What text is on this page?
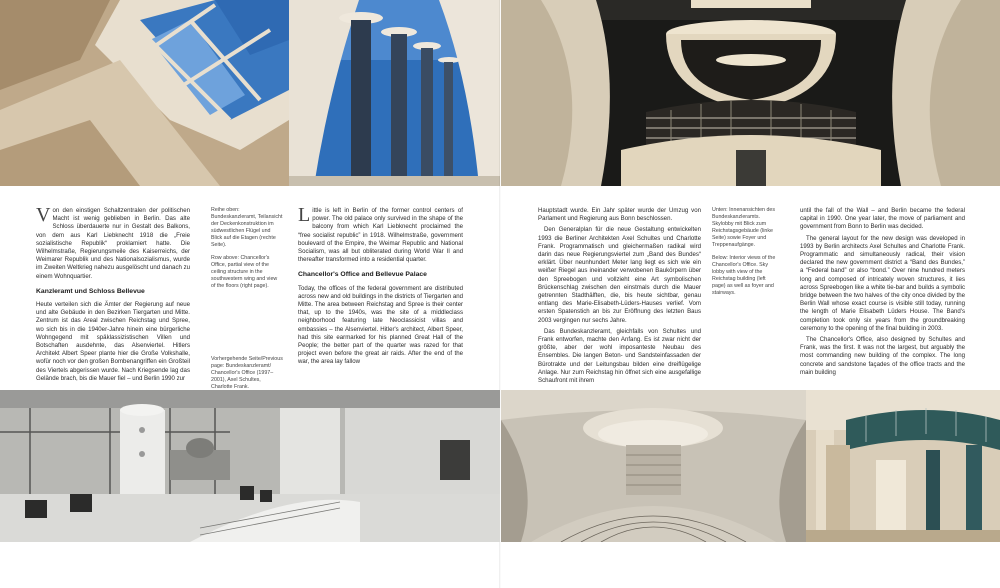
Von den einstigen Schaltzentralen der politischen Macht ist wenig geblieben in Berlin. Das alte Schloss überdauerte nur in Gestalt des Balkons, von dem aus Karl Liebknecht 1918 die „Freie sozialistische Republik“ proklamiert hatte. Die Wilhelmstraße, Regierungsmeile des Kaiserreichs, der Weimarer Republik und des Nationalsozialismus, wurde im Zweiten Weltkrieg nahezu ausgelöscht und danach zu einem Wohnquartier.

Kanzleramt und Schloss Bellevue

Heute verteilen sich die Ämter der Regierung auf neue und alte Gebäude in den Bezirken Tiergarten und Mitte. Zentrum ist das Areal zwischen Reichstag und Spree, wo sich bis in die 1940er-Jahre hinein eine bürgerliche Wohngegend mit späklassizistischen Villen und Botschaften ausdehnte, das Alsenviertel. Hitlers Architekt Albert Speer plante hier die Große Volkshalle, wofür noch vor den großen Bombenangriffen ein Großteil des Viertels abgerissen wurde. Nach Kriegsende lag das Gelände brach, bis die Mauer fiel – und Berlin 1990 zur

Reihe oben: Bundeskanzleramt, Teilansicht der Deckenkonstruktion im südwestlichen Flügel und Blick auf die Etagen (rechte Seite).

Row above: Chancellor's Office, partial view of the ceiling structure in the southwestern wing and view of the floors (right page).

Vorhergehende Seite/Previous page: Bundeskanzleramt/ Chancellor's Office (1997–2001), Axel Schultes, Charlotte Frank.

Little is left in Berlin of the former control centers of power. The old palace only survived in the shape of the balcony from which Karl Liebknecht proclaimed the “free socialist republic” in 1918. Wilhelmstraße, government boulevard of the Empire, the Weimar Republic and National Socialism, was all but obliterated during World War II and thereafter transformed into a residential quarter.

Chancellor's Office and Bellevue Palace

Today, the offices of the federal government are distributed across new and old buildings in the districts of Tiergarten and Mitte. The area between Reichstag and Spree is their center that, up to the 1940s, was the site of a middleclass neighborhood featuring late Neoclassicist villas and embassies – the Alsenviertel. Hitler's architect, Albert Speer, had this site earmarked for his planned Great Hall of the People; the better part of the quarter was razed for that project even before the great air raids. After the end of the war, the area lay fallow

Hauptstadt wurde. Ein Jahr später wurde der Umzug von Parlament und Regierung aus Bonn beschlossen.

Den Generalplan für die neue Gestaltung entwickelten 1993 die Berliner Architekten Axel Schultes und Charlotte Frank. Programmatisch und gleichermaßen radikal wird darin das neue Regierungsviertel zum „Band des Bundes“ erklärt. Über neunhundert Meter lang liegt es sich wie ein weißer Riegel aus ineinander verwobenen Baukörpern über den Spreebogen und vollzieht eine Art symbolischen Brückenschlag zwischen den einstmals durch die Mauer getrennten Stadthälften, die, bis heute sichtbar, genau entlang des Marie-Elisabeth-Lüders-Hauses verlief. Vom ersten Spatenstich an bis zur Eröffnung des letzten Baus 2003 vergingen nur sechs Jahre.

Das Bundeskanzleramt, gleichfalls von Schultes und Frank entworfen, machte den Anfang. Es ist zwar nicht der größte, aber der wohl imposanteste Neubau des Ensembles. Die langen Beton- und Sandsteinfassaden der Bürotrakte und der Leitungsbau bilden eine dreiflügelige Anlage. Nur zum Reichstag hin öffnet sich eine ausgefallige Schaufront mit ihrem

Unten: Innenansichten des Bundeskanzleramts. Skylobby mit Blick zum Reichstagsgebäude (linke Seite) sowie Foyer und Treppenaufgänge.

Below: Interior views of the Chancellor's Office. Sky lobby with view of the Reichstag building (left page) as well as foyer and stairways.

until the fall of the Wall – and Berlin became the federal capital in 1990. One year later, the move of parliament and government from Bonn to Berlin was decided.

The general layout for the new design was developed in 1993 by Berlin architects Axel Schultes and Charlotte Frank. Programmatic and simultaneously radical, their vision declared the new government district a “Band des Bundes,” a “Federal band” or also “bond.” Over nine hundred meters long and composed of intricately woven structures, it lies across Spreebogen like a white tie-bar and builds a symbolic bridge between the two halves of the city once divided by the Berlin Wall whose exact course is visible still today, running the length of Marie Elisabeth Lüders House. The Band's completion took only six years from the groundbreaking ceremony to the opening of the final building in 2003.

The Chancellor's Office, also designed by Schultes and Frank, was the first. It was not the largest, but arguably the most commanding new building of the complex. The long concrete and sandstone façades of the office tracts and the main building
